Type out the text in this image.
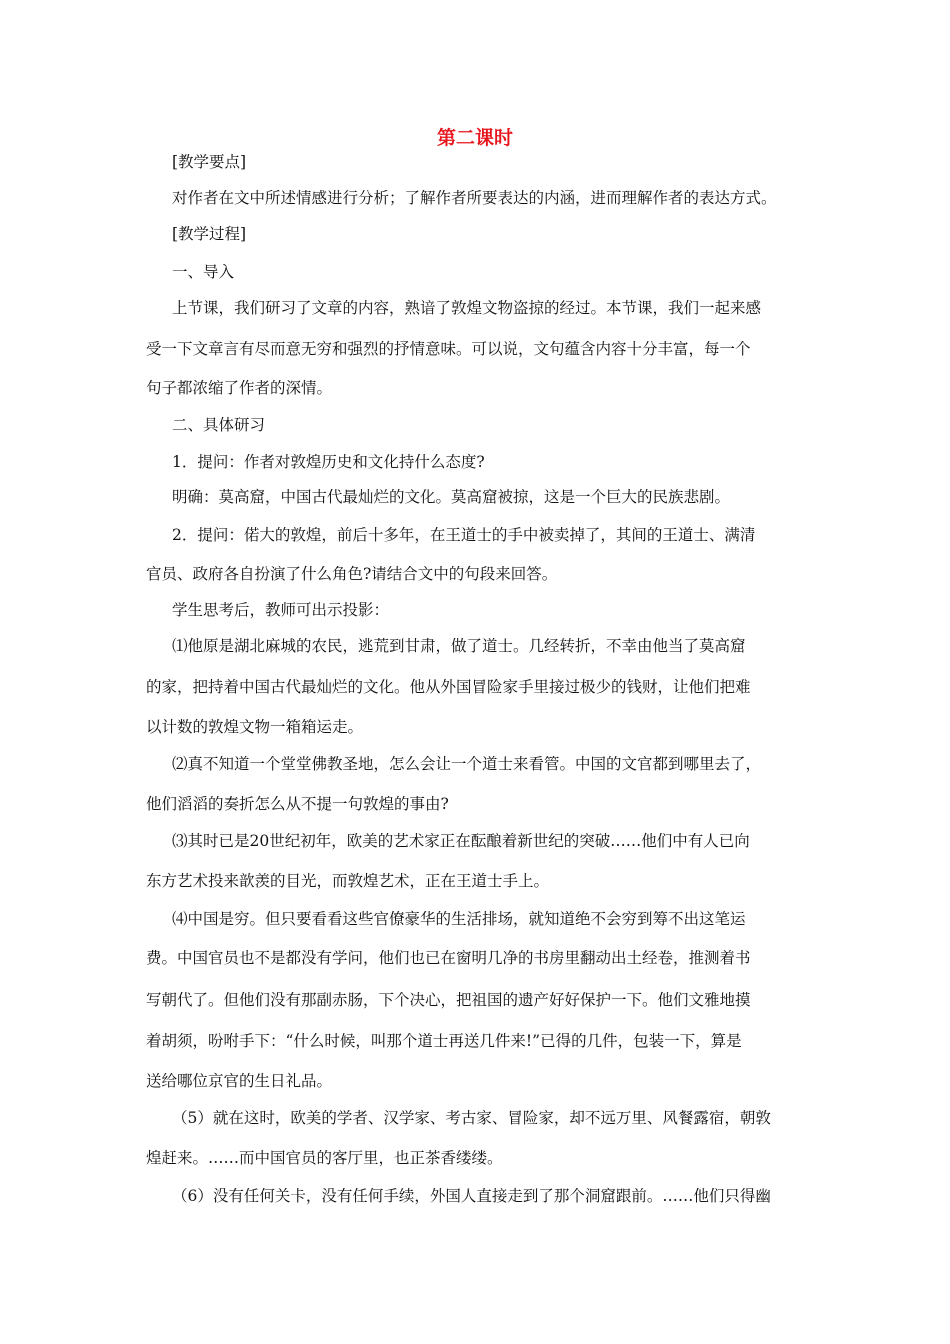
第二课时
[教学要点]
对作者在文中所述情感进行分析；了解作者所要表达的内涵，进而理解作者的表达方式。
[教学过程]
一、导入
上节课，我们研习了文章的内容，熟谙了敦煌文物盗掠的经过。本节课，我们一起来感
受一下文章言有尽而意无穷和强烈的抒情意味。可以说，文句蕴含内容十分丰富，每一个
句子都浓缩了作者的深情。
二、具体研习
1．提问：作者对敦煌历史和文化持什么态度?
明确：莫高窟，中国古代最灿烂的文化。莫高窟被掠，这是一个巨大的民族悲剧。
2．提问：偌大的敦煌，前后十多年，在王道士的手中被卖掉了，其间的王道士、满清
官员、政府各自扮演了什么角色?请结合文中的句段来回答。
学生思考后，教师可出示投影：
⑴他原是湖北麻城的农民，逃荒到甘肃，做了道士。几经转折，不幸由他当了莫高窟
的家，把持着中国古代最灿烂的文化。他从外国冒险家手里接过极少的钱财，让他们把难
以计数的敦煌文物一箱箱运走。
⑵真不知道一个堂堂佛教圣地，怎么会让一个道士来看管。中国的文官都到哪里去了，
他们滔滔的奏折怎么从不提一句敦煌的事由?
⑶其时已是20世纪初年，欧美的艺术家正在酝酿着新世纪的突破……他们中有人已向
东方艺术投来歆羡的目光，而敦煌艺术，正在王道士手上。
⑷中国是穷。但只要看看这些官僚豪华的生活排场，就知道绝不会穷到筹不出这笔运
费。中国官员也不是都没有学问，他们也已在窗明几净的书房里翻动出土经卷，推测着书
写朝代了。但他们没有那副赤肠，下个决心，把祖国的遗产好好保护一下。他们文雅地摸
着胡须，吩咐手下：“什么时候，叫那个道士再送几件来!”已得的几件，包装一下，算是
送给哪位京官的生日礼品。
（5）就在这时，欧美的学者、汉学家、考古家、冒险家，却不远万里、风餐露宿，朝敦
煌赶来。……而中国官员的客厅里，也正茶香缕缕。
（6）没有任何关卡，没有任何手续，外国人直接走到了那个洞窟跟前。……他们只得幽
